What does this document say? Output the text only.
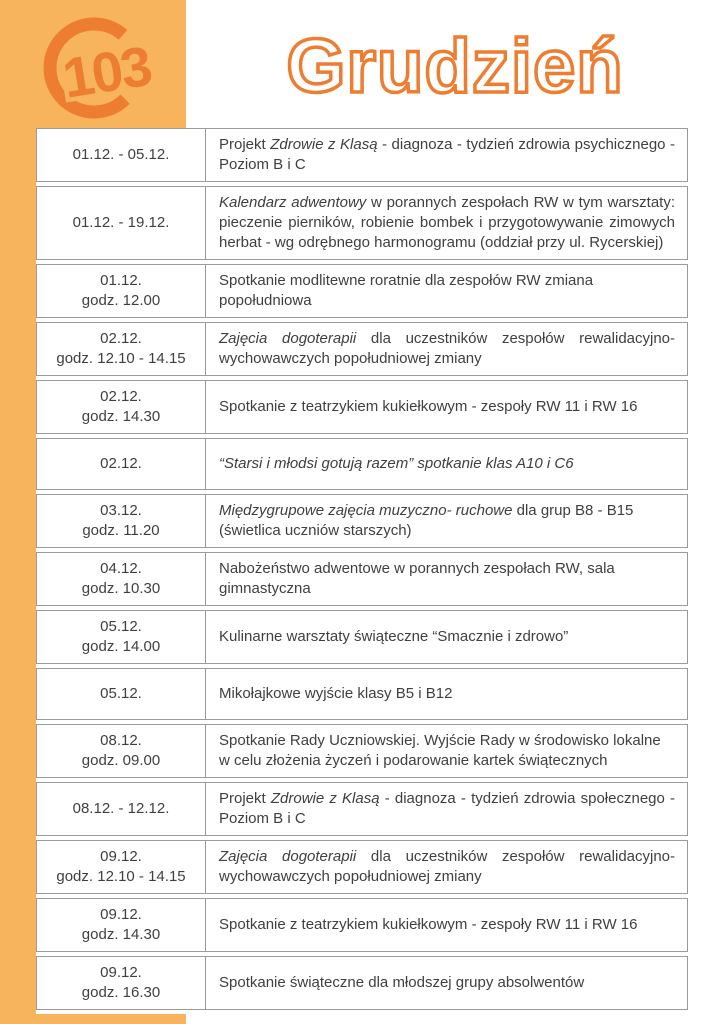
103 Grudzień
01.12. - 05.12.

Projekt Zdrowie z Klasą - diagnoza - tydzień zdrowia psychicznego - Poziom B i C

01.12. - 19.12.

Kalendarz adwentowy w porannych zespołach RW w tym warsztaty: pieczenie pierników, robienie bombek i przygotowywanie zimowych herbat - wg odrębnego harmonogramu (oddział przy ul. Rycerskiej)

01.12.
godz. 12.00

Spotkanie modlitewne roratnie dla zespołów RW zmiana popołudniowa

02.12.
godz. 12.10 - 14.15

Zajęcia dogoterapii dla uczestników zespołów rewalidacyjno-wychowawczych popołudniowej zmiany

02.12.
godz. 14.30

Spotkanie z teatrzykiem kukiełkowym - zespoły RW 11 i RW 16

02.12.	“Starsi i młodsi gotują razem” spotkanie klas A10 i C6

03.12.
godz. 11.20

Międzygrupowe zajęcia muzyczno- ruchowe dla grup B8 - B15 (świetlica uczniów starszych)

04.12.
godz. 10.30

Nabożeństwo adwentowe w porannych zespołach RW, sala gimnastyczna

05.12.
godz. 14.00

Kulinarne warsztaty świąteczne “Smacznie i zdrowo”

05.12.	Mikołajkowe wyjście klasy B5 i B12

08.12.
godz. 09.00

Spotkanie Rady Uczniowskiej. Wyjście Rady w środowisko lokalne w celu złożenia życzeń i podarowanie kartek świątecznych

08.12. - 12.12.

Projekt Zdrowie z Klasą - diagnoza - tydzień zdrowia społecznego - Poziom B i C

09.12.
godz. 12.10 - 14.15

Zajęcia dogoterapii dla uczestników zespołów rewalidacyjno-wychowawczych popołudniowej zmiany

09.12.
godz. 14.30

Spotkanie z teatrzykiem kukiełkowym - zespoły RW 11 i RW 16

09.12.
godz. 16.30

Spotkanie świąteczne dla młodszej grupy absolwentów
